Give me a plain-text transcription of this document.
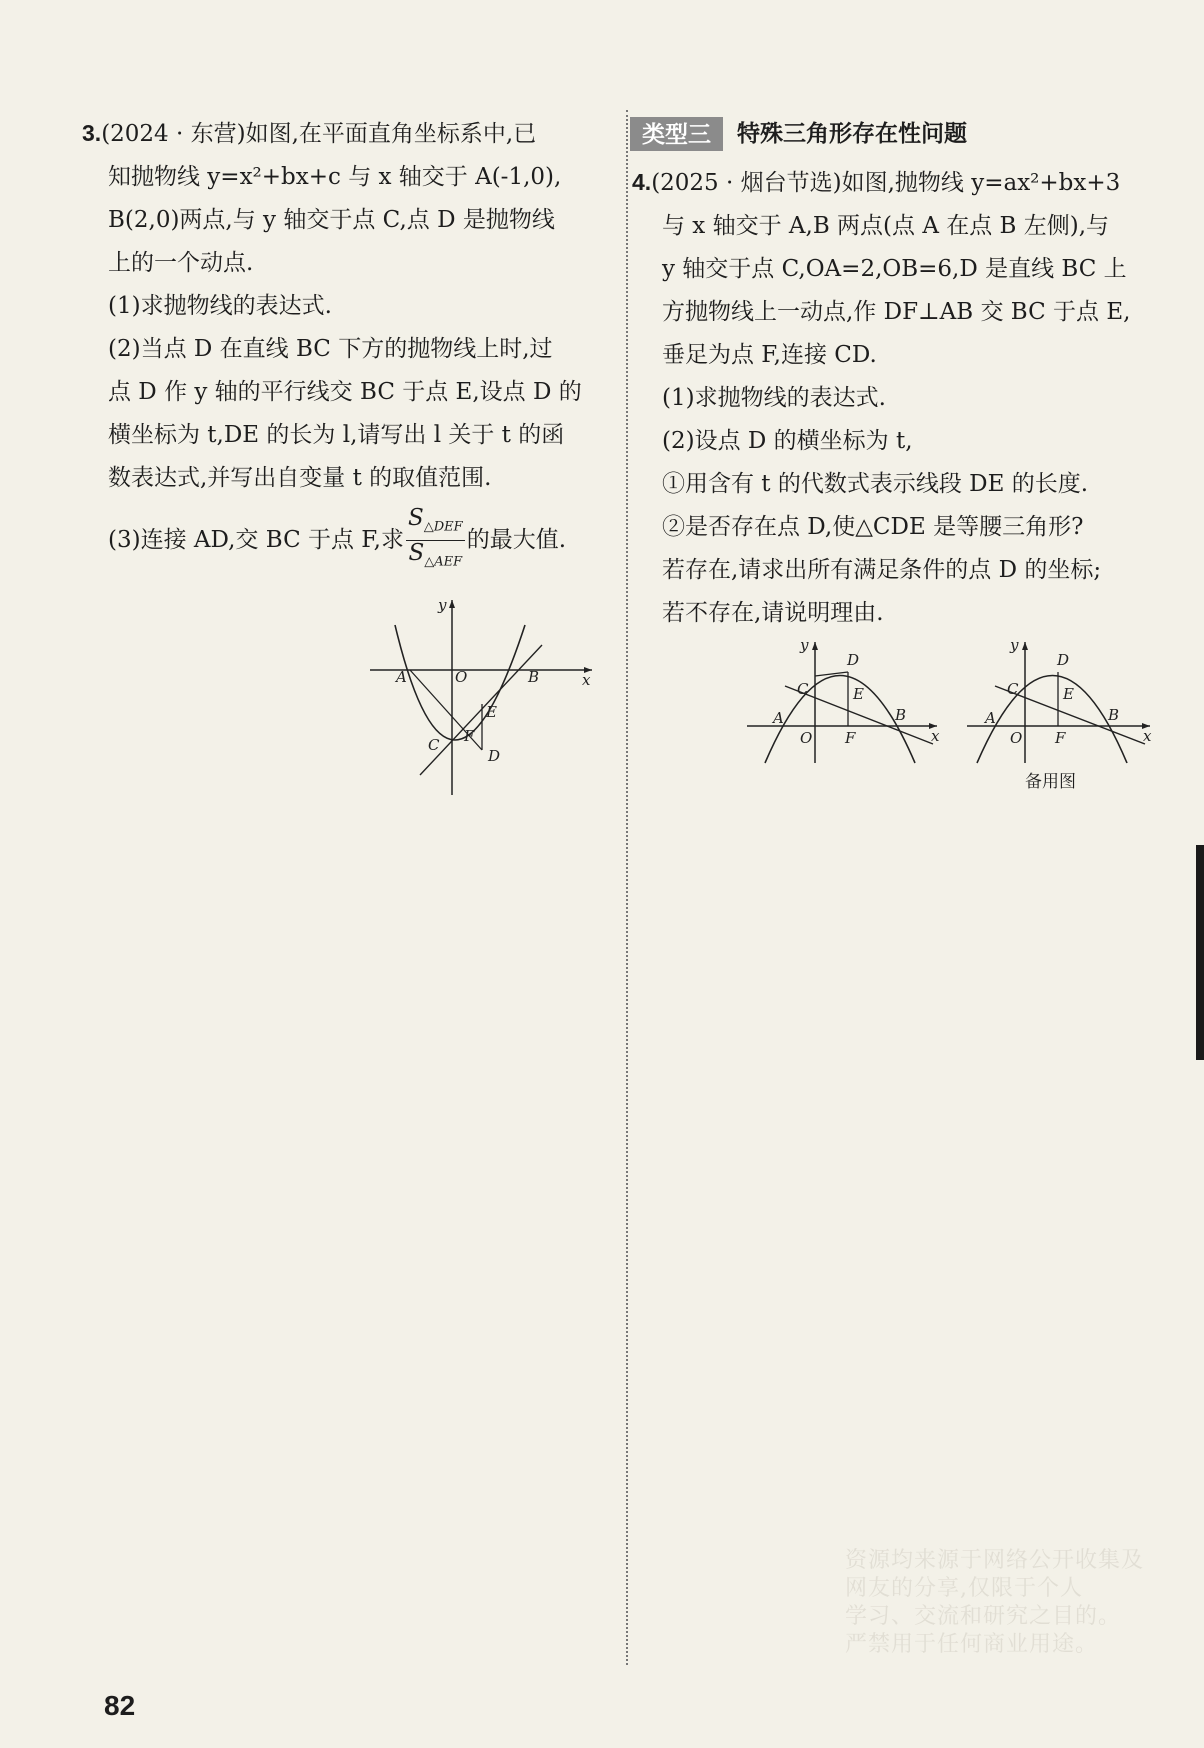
3.(2024 · 东营)如图,在平面直角坐标系中,已
知抛物线 y=x²+bx+c 与 x 轴交于 A(-1,0),
B(2,0)两点,与 y 轴交于点 C,点 D 是抛物线
上的一个动点.
(1)求抛物线的表达式.
(2)当点 D 在直线 BC 下方的抛物线上时,过
点 D 作 y 轴的平行线交 BC 于点 E,设点 D 的
横坐标为 t,DE 的长为 l,请写出 l 关于 t 的函
数表达式,并写出自变量 t 的取值范围.
(3)连接 AD,交 BC 于点 F,求 $\frac{S_{\triangle DEF}}{S_{\triangle AEF}}$ 的最大值.
A	O	B	x
y
E
F
C
D
类型三	特殊三角形存在性问题
4.(2025 · 烟台节选)如图,抛物线 y=ax²+bx+3
与 x 轴交于 A,B 两点(点 A 在点 B 左侧),与
y 轴交于点 C,OA=2,OB=6,D 是直线 BC 上
方抛物线上一动点,作 DF⊥AB 交 BC 于点 E,
垂足为点 F,连接 CD.
(1)求抛物线的表达式.
(2)设点 D 的横坐标为 t,
①用含有 t 的代数式表示线段 DE 的长度.
②是否存在点 D,使△CDE 是等腰三角形?
若存在,请求出所有满足条件的点 D 的坐标;
若不存在,请说明理由.
A
C
D
E
B
x
y
O F
A
C
D
E
B
x
y
O F
备用图
资源均来源于网络公开收集及
网友的分享,仅限于个人
学习、交流和研究之目的。
严禁用于任何商业用途。
82
